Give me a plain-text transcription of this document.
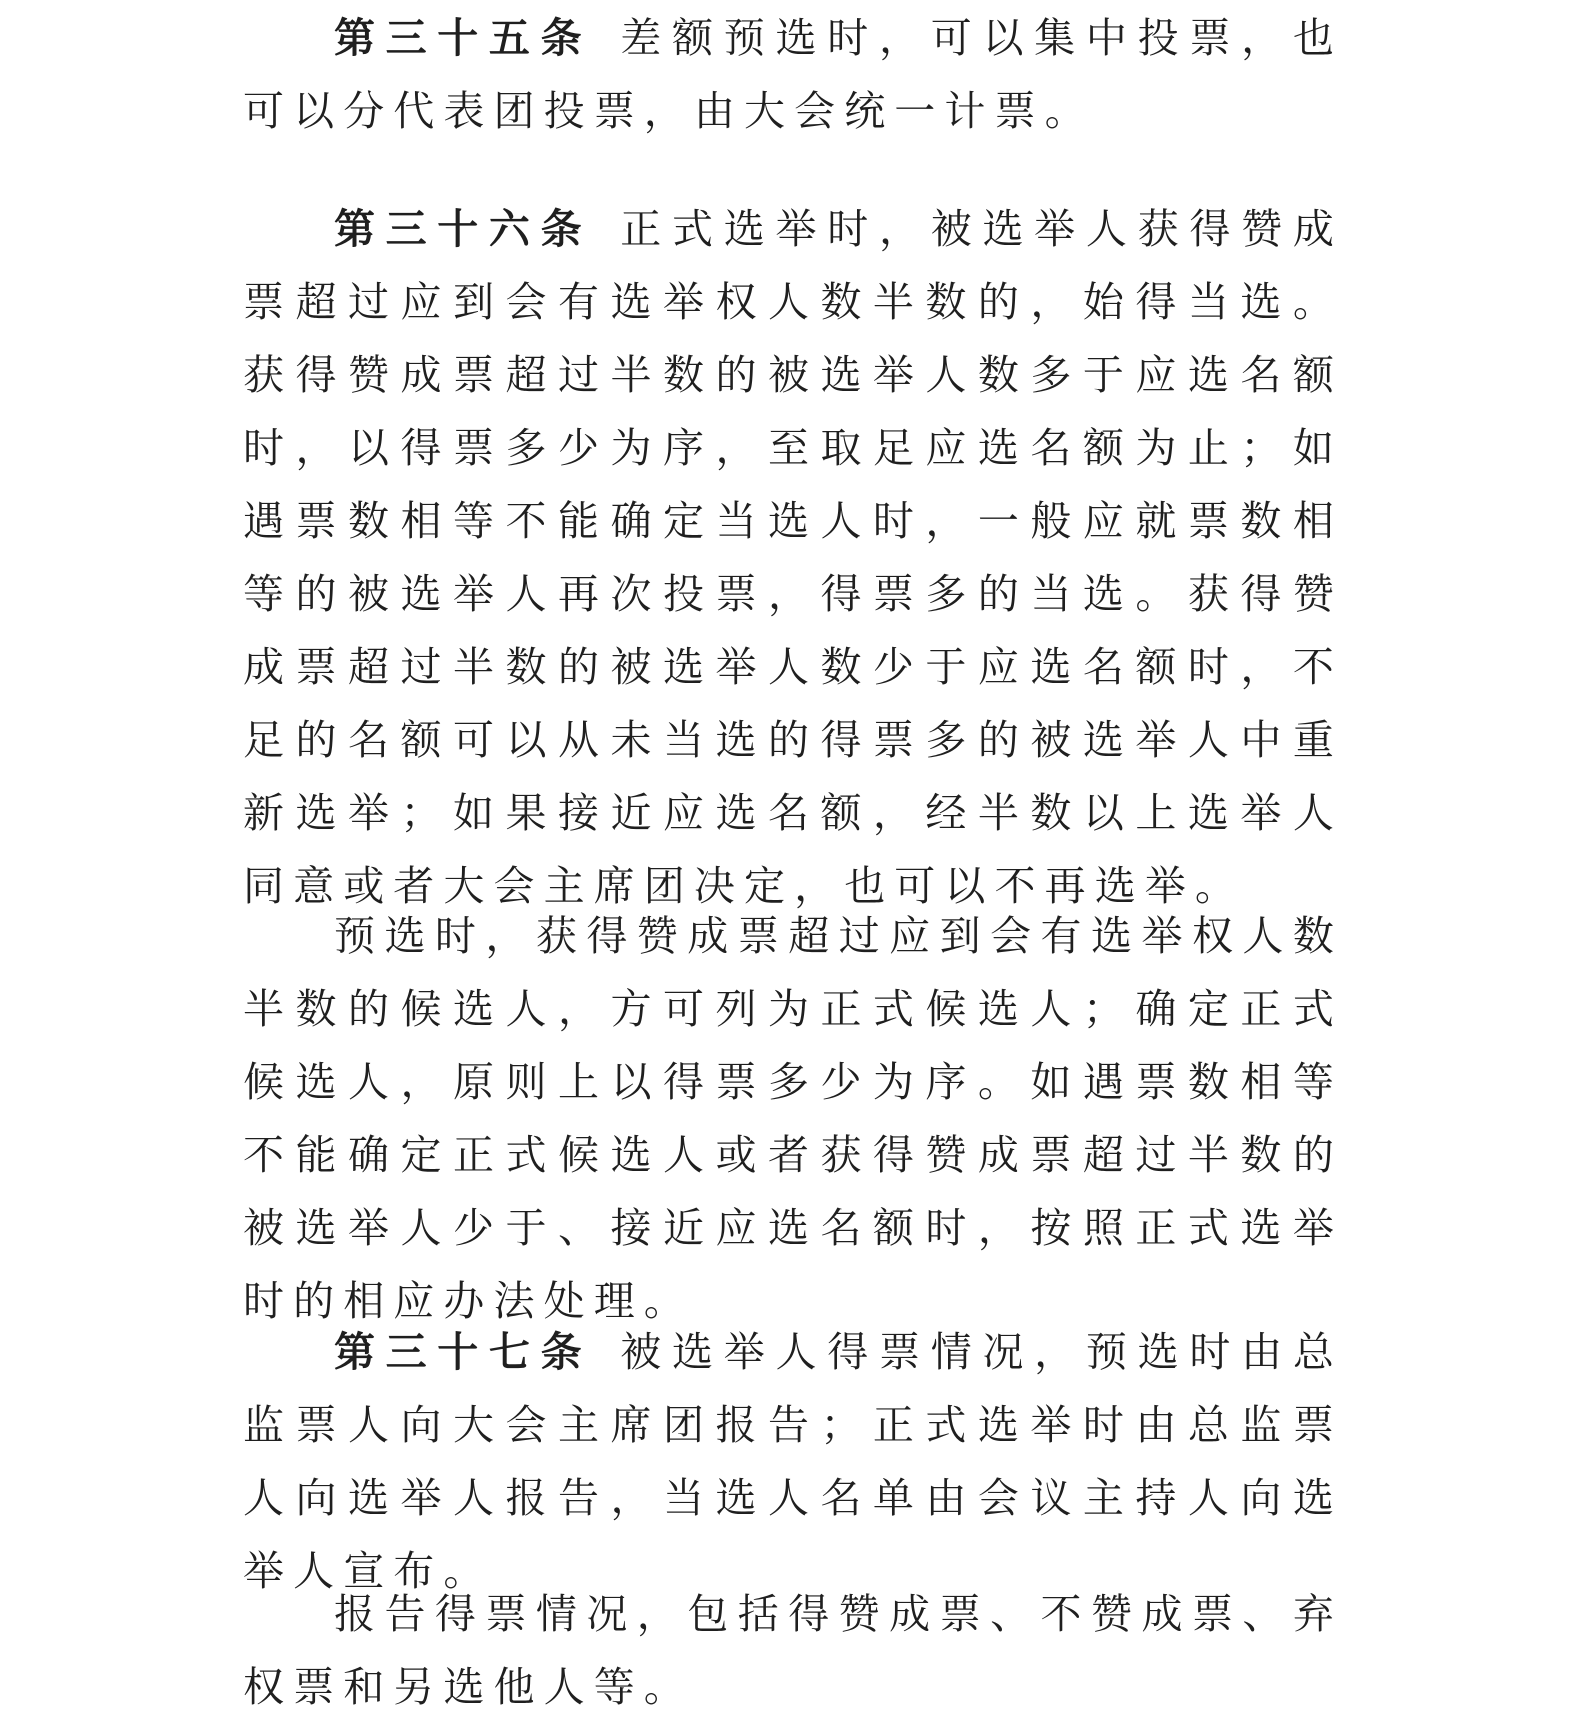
第三十五条 差额预选时，可以集中投票，也可以分代表团投票，由大会统一计票。

第三十六条 正式选举时，被选举人获得赞成票超过应到会有选举权人数半数的，始得当选。获得赞成票超过半数的被选举人数多于应选名额时，以得票多少为序，至取足应选名额为止；如遇票数相等不能确定当选人时，一般应就票数相等的被选举人再次投票，得票多的当选。获得赞成票超过半数的被选举人数少于应选名额时，不足的名额可以从未当选的得票多的被选举人中重新选举；如果接近应选名额，经半数以上选举人同意或者大会主席团决定，也可以不再选举。

预选时，获得赞成票超过应到会有选举权人数半数的候选人，方可列为正式候选人；确定正式候选人，原则上以得票多少为序。如遇票数相等不能确定正式候选人或者获得赞成票超过半数的被选举人少于、接近应选名额时，按照正式选举时的相应办法处理。

第三十七条 被选举人得票情况，预选时由总监票人向大会主席团报告；正式选举时由总监票人向选举人报告，当选人名单由会议主持人向选举人宣布。

报告得票情况，包括得赞成票、不赞成票、弃权票和另选他人等。
